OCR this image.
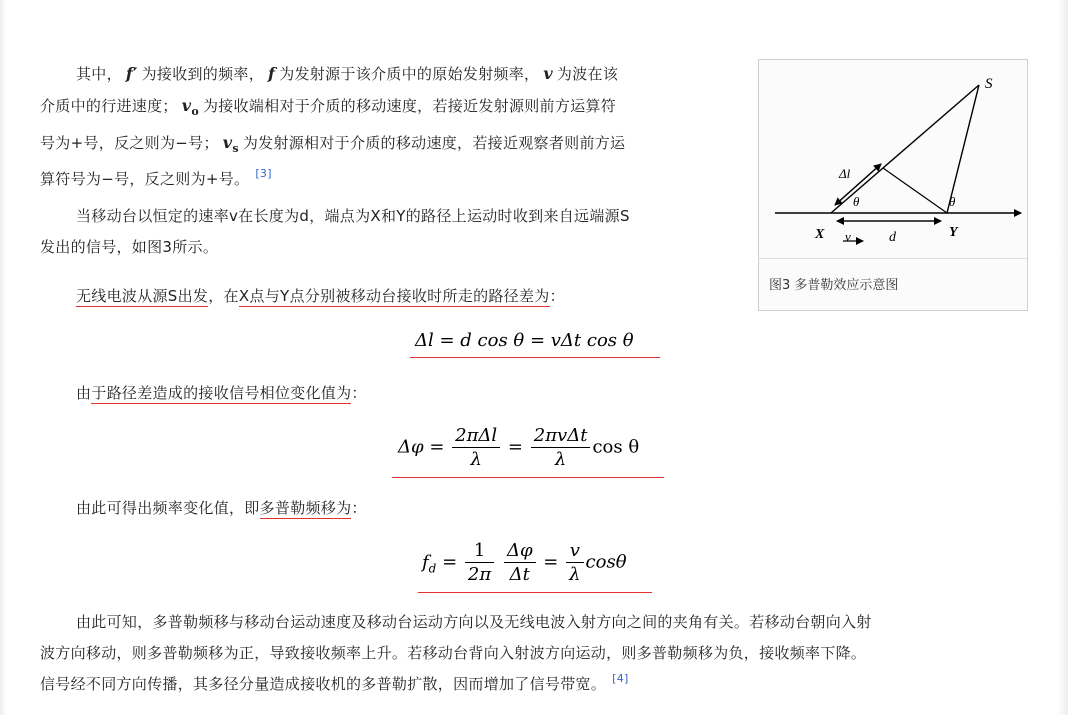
其中， f′ 为接收到的频率， f 为发射源于该介质中的原始发射频率， v 为波在该
介质中的行进速度； $v_o$ 为接收端相对于介质的移动速度，若接近发射源则前方运算符
号为+号，反之则为−号； $v_s$ 为发射源相对于介质的移动速度，若接近观察者则前方运
算符号为−号，反之则为+号。 [3]

当移动台以恒定的速率v在长度为d，端点为X和Y的路径上运动时收到来自远端源S
发出的信号，如图3所示。

无线电波从源S出发，在X点与Y点分别被移动台接收时所走的路径差为：

Δl = d cos θ = vΔt cos θ

由于路径差造成的接收信号相位变化值为：

$\Delta\varphi = \frac{\text{2πΔl}}{\lambda} = \frac{\text{2πvΔt}}{\lambda}$ cos θ

由此可得出频率变化值，即多普勒频移为：

$f_d = \frac{1}{2\pi}$
$\frac{\Delta\varphi}{\Delta t} = \frac{v}{\lambda}$ cosθ

由此可知，多普勒频移与移动台运动速度及移动台运动方向以及无线电波入射方向之间的夹角有关。若移动台朝向入射
波方向移动，则多普勒频移为正，导致接收频率上升。若移动台背向入射波方向运动，则多普勒频移为负，接收频率下降。
信号经不同方向传播，其多径分量造成接收机的多普勒扩散，因而增加了信号带宽。 [4]

S
Δl
θ	θ
X v	d	Y
图3 多普勒效应示意图
